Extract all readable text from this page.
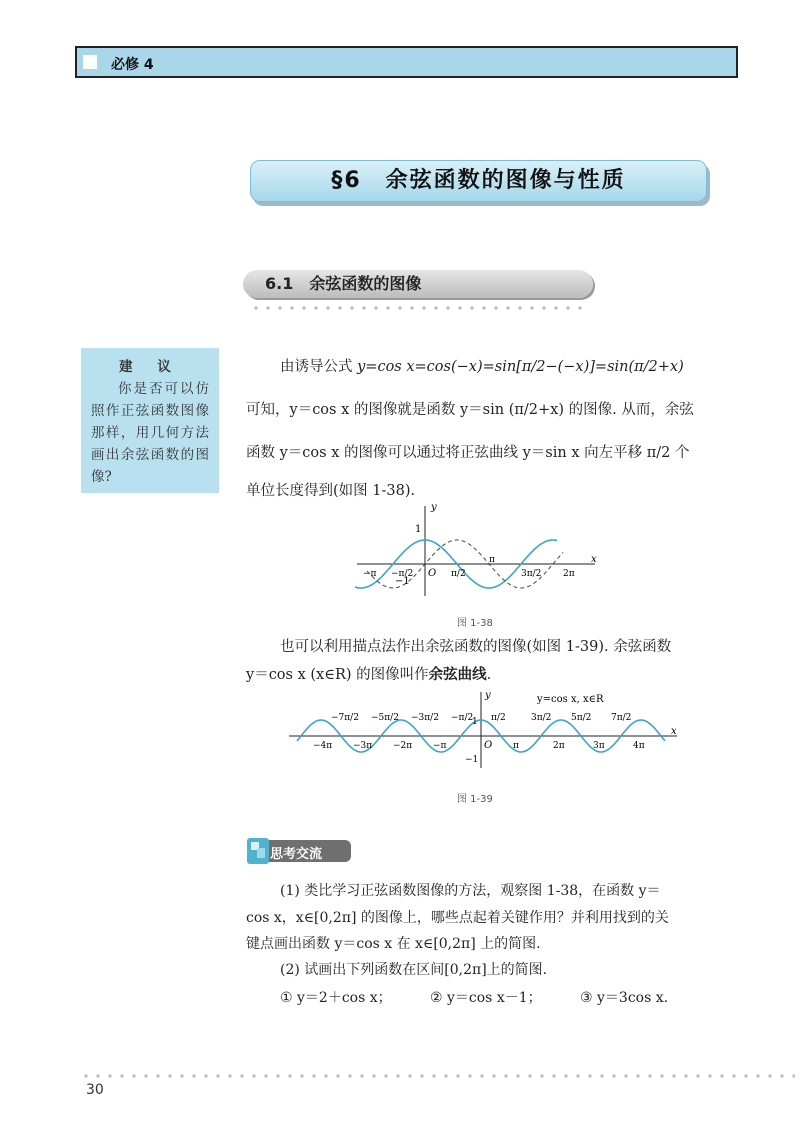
必修 4
§6　余弦函数的图像与性质
6.1　余弦函数的图像
建 议
你是否可以仿照作正弦函数图像那样，用几何方法画出余弦函数的图像?
由诱导公式 y=cos x=cos(−x)=sin[π/2−(−x)]=sin(π/2+x)
可知，y＝cos x 的图像就是函数 y＝sin (π/2+x) 的图像. 从而，余弦
函数 y＝cos x 的图像可以通过将正弦曲线 y＝sin x 向左平移 π/2 个
单位长度得到(如图 1-38).
y
x
O
1
−1
−π −π/2	π/2
π
3π/2 2π
图 1-38
也可以利用描点法作出余弦函数的图像(如图 1-39). 余弦函数
y＝cos x (x∈R) 的图像叫作余弦曲线.
y=cos x, x∈R
y
x
O
1
−1
−4π −3π −2π −π	π	2π	3π	4π
−7π/2 −5π/2 −3π/2 −π/2 π/2	3π/2 5π/2 7π/2
图 1-39
思考交流
(1) 类比学习正弦函数图像的方法，观察图 1-38，在函数 y＝
cos x，x∈[0,2π] 的图像上，哪些点起着关键作用？并利用找到的关
键点画出函数 y＝cos x 在 x∈[0,2π] 上的简图.
(2) 试画出下列函数在区间[0,2π]上的简图.
① y＝2＋cos x；	② y＝cos x－1；	③ y＝3cos x.
30
